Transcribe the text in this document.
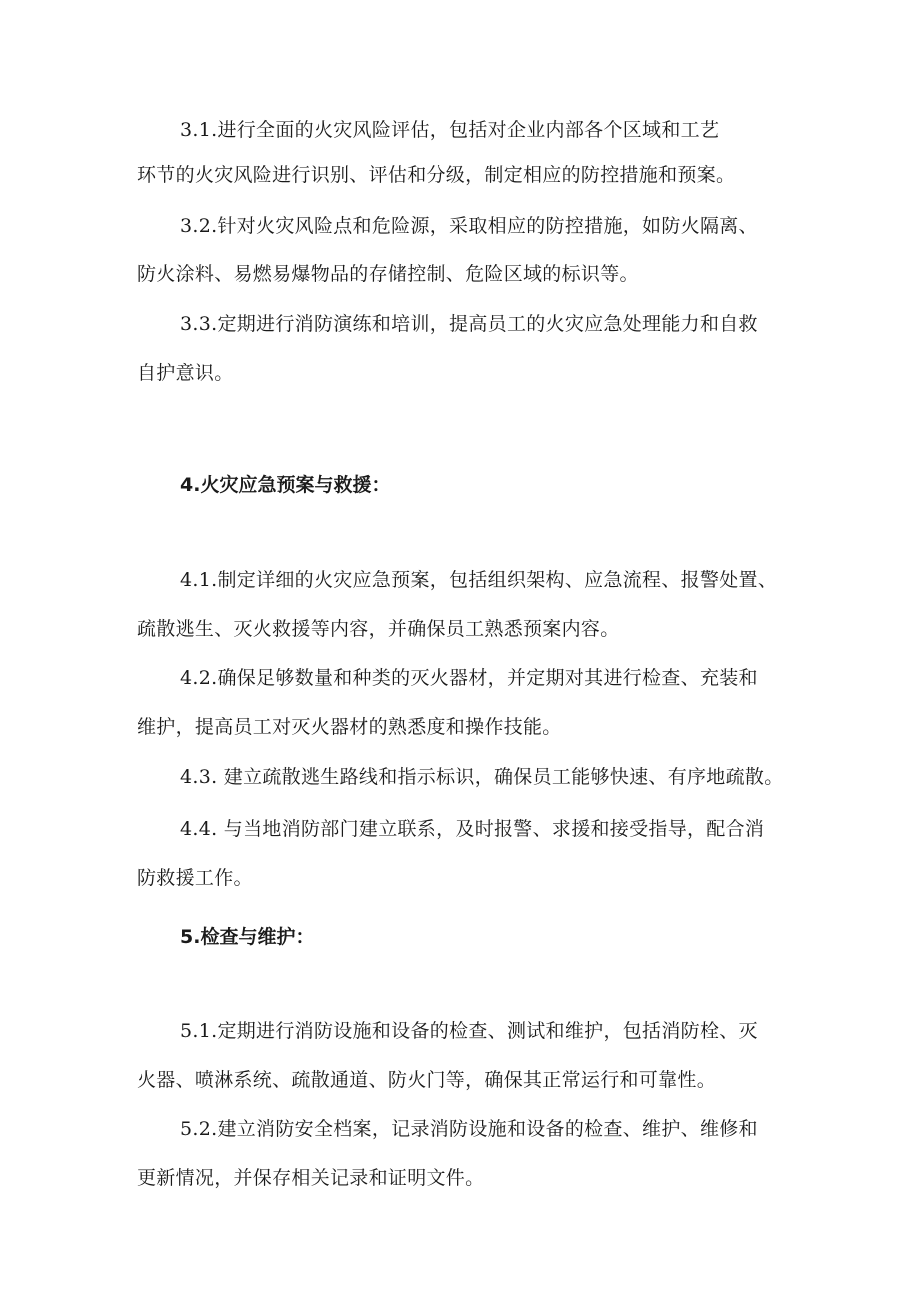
3.1.进行全面的火灾风险评估，包括对企业内部各个区域和工艺
环节的火灾风险进行识别、评估和分级，制定相应的防控措施和预案。
3.2.针对火灾风险点和危险源，采取相应的防控措施，如防火隔离、
防火涂料、易燃易爆物品的存储控制、危险区域的标识等。
3.3.定期进行消防演练和培训，提高员工的火灾应急处理能力和自救
自护意识。
4.火灾应急预案与救援：
4.1.制定详细的火灾应急预案，包括组织架构、应急流程、报警处置、
疏散逃生、灭火救援等内容，并确保员工熟悉预案内容。
4.2.确保足够数量和种类的灭火器材，并定期对其进行检查、充装和
维护，提高员工对灭火器材的熟悉度和操作技能。
4.3. 建立疏散逃生路线和指示标识，确保员工能够快速、有序地疏散。
4.4. 与当地消防部门建立联系，及时报警、求援和接受指导，配合消
防救援工作。
5.检查与维护：
5.1.定期进行消防设施和设备的检查、测试和维护，包括消防栓、灭
火器、喷淋系统、疏散通道、防火门等，确保其正常运行和可靠性。
5.2.建立消防安全档案，记录消防设施和设备的检查、维护、维修和
更新情况，并保存相关记录和证明文件。
